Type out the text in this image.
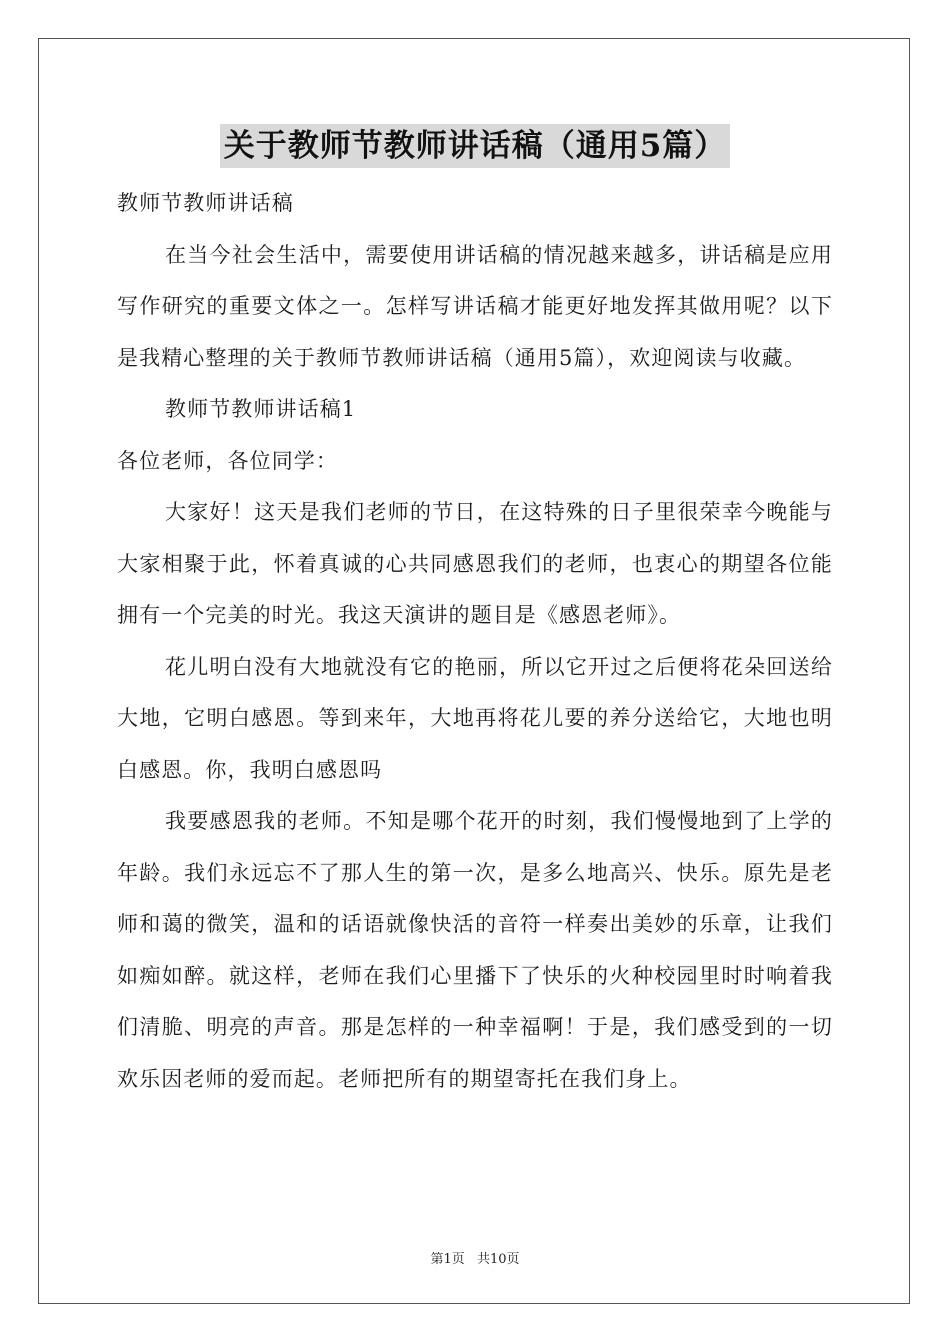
关于教师节教师讲话稿（通用5篇）

教师节教师讲话稿

在当今社会生活中，需要使用讲话稿的情况越来越多，讲话稿是应用写作研究的重要文体之一。怎样写讲话稿才能更好地发挥其做用呢？以下是我精心整理的关于教师节教师讲话稿（通用5篇），欢迎阅读与收藏。

教师节教师讲话稿1

各位老师，各位同学：

大家好！这天是我们老师的节日，在这特殊的日子里很荣幸今晚能与大家相聚于此，怀着真诚的心共同感恩我们的老师，也衷心的期望各位能拥有一个完美的时光。我这天演讲的题目是《感恩老师》。

花儿明白没有大地就没有它的艳丽，所以它开过之后便将花朵回送给大地，它明白感恩。等到来年，大地再将花儿要的养分送给它，大地也明白感恩。你，我明白感恩吗

我要感恩我的老师。不知是哪个花开的时刻，我们慢慢地到了上学的年龄。我们永远忘不了那人生的第一次，是多么地高兴、快乐。原先是老师和蔼的微笑，温和的话语就像快活的音符一样奏出美妙的乐章，让我们如痴如醉。就这样，老师在我们心里播下了快乐的火种校园里时时响着我们清脆、明亮的声音。那是怎样的一种幸福啊！于是，我们感受到的一切欢乐因老师的爱而起。老师把所有的期望寄托在我们身上。

第1页 共10页
